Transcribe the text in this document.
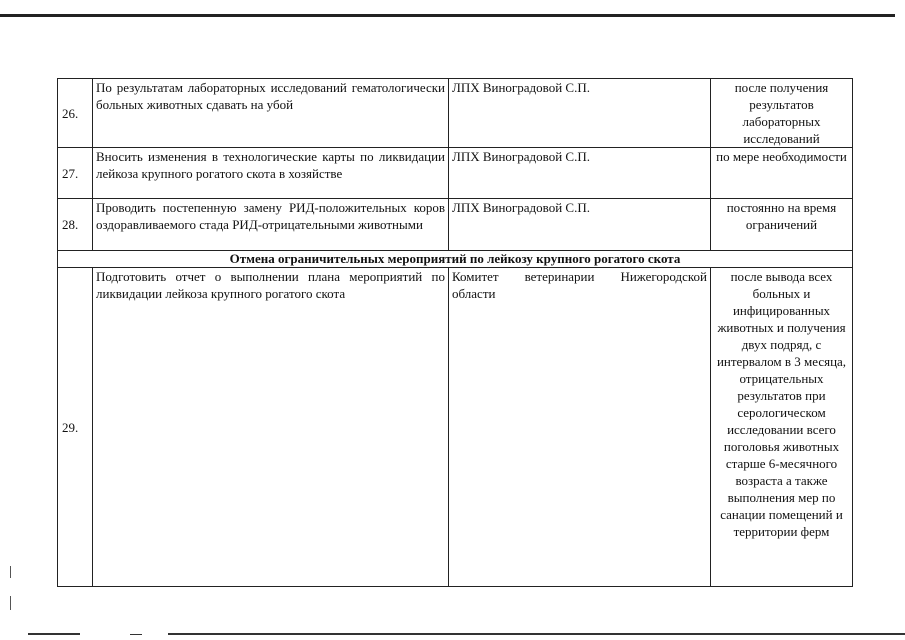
26.	По результатам лабораторных исследований гематологически больных животных сдавать на убой	ЛПХ Виноградовой С.П.	после получения результатов лабораторных исследований
27.	Вносить изменения в технологические карты по ликвидации лейкоза крупного рогатого скота в хозяйстве	ЛПХ Виноградовой С.П.	по мере необходимости
28.	Проводить постепенную замену РИД-положительных коров оздоравливаемого стада РИД-отрицательными животными	ЛПХ Виноградовой С.П.	постоянно на время ограничений
Отмена ограничительных мероприятий по лейкозу крупного рогатого скота			
29.	Подготовить отчет о выполнении плана мероприятий по ликвидации лейкоза крупного рогатого скота	Комитет ветеринарии Нижегородской области	после вывода всех больных и инфицированных животных и получения двух подряд, с интервалом в 3 месяца, отрицательных результатов при серологическом исследовании всего поголовья животных старше 6-месячного возраста а также выполнения мер по санации помещений и территории ферм
